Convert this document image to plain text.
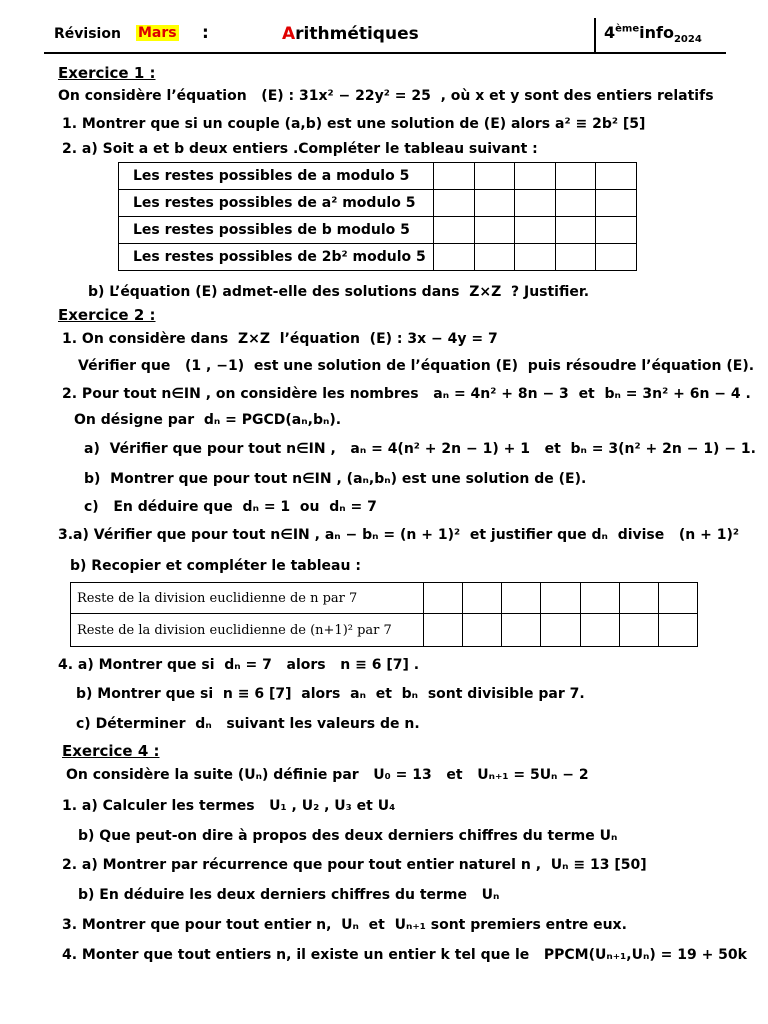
Révision Mars :	Arithmétiques	4èmeinfo$_{2024}$
Exercice 1 :
On considère l’équation (E) : 31x² − 22y² = 25 , où x et y sont des entiers relatifs
1. Montrer que si un couple (a,b) est une solution de (E) alors a² ≡ 2b² [5]
2. a) Soit a et b deux entiers .Compléter le tableau suivant :
Les restes possibles de a modulo 5					
Les restes possibles de a² modulo 5					
Les restes possibles de b modulo 5					
Les restes possibles de 2b² modulo 5					
b) L’équation (E) admet-elle des solutions dans Z×Z ? Justifier.
Exercice 2 :
1. On considère dans Z×Z l’équation (E) : 3x − 4y = 7
Vérifier que (1 , −1) est une solution de l’équation (E) puis résoudre l’équation (E).
2. Pour tout n∈IN , on considère les nombres aₙ = 4n² + 8n − 3 et bₙ = 3n² + 6n − 4 .
On désigne par dₙ = PGCD(aₙ,bₙ).
a) Vérifier que pour tout n∈IN , aₙ = 4(n² + 2n − 1) + 1 et bₙ = 3(n² + 2n − 1) − 1.
b) Montrer que pour tout n∈IN , (aₙ,bₙ) est une solution de (E).
c) En déduire que dₙ = 1 ou dₙ = 7
3.a) Vérifier que pour tout n∈IN , aₙ − bₙ = (n + 1)² et justifier que dₙ divise (n + 1)²
b) Recopier et compléter le tableau :
Reste de la division euclidienne de n par 7							
Reste de la division euclidienne de (n+1)² par 7							
4. a) Montrer que si dₙ = 7 alors n ≡ 6 [7] .
b) Montrer que si n ≡ 6 [7] alors aₙ et bₙ sont divisible par 7.
c) Déterminer dₙ suivant les valeurs de n.
Exercice 4 :
On considère la suite (Uₙ) définie par U₀ = 13 et Uₙ₊₁ = 5Uₙ − 2
1. a) Calculer les termes U₁ , U₂ , U₃ et U₄
b) Que peut-on dire à propos des deux derniers chiffres du terme Uₙ
2. a) Montrer par récurrence que pour tout entier naturel n , Uₙ ≡ 13 [50]
b) En déduire les deux derniers chiffres du terme Uₙ
3. Montrer que pour tout entier n, Uₙ et Uₙ₊₁ sont premiers entre eux.
4. Monter que tout entiers n, il existe un entier k tel que le PPCM(Uₙ₊₁,Uₙ) = 19 + 50k
